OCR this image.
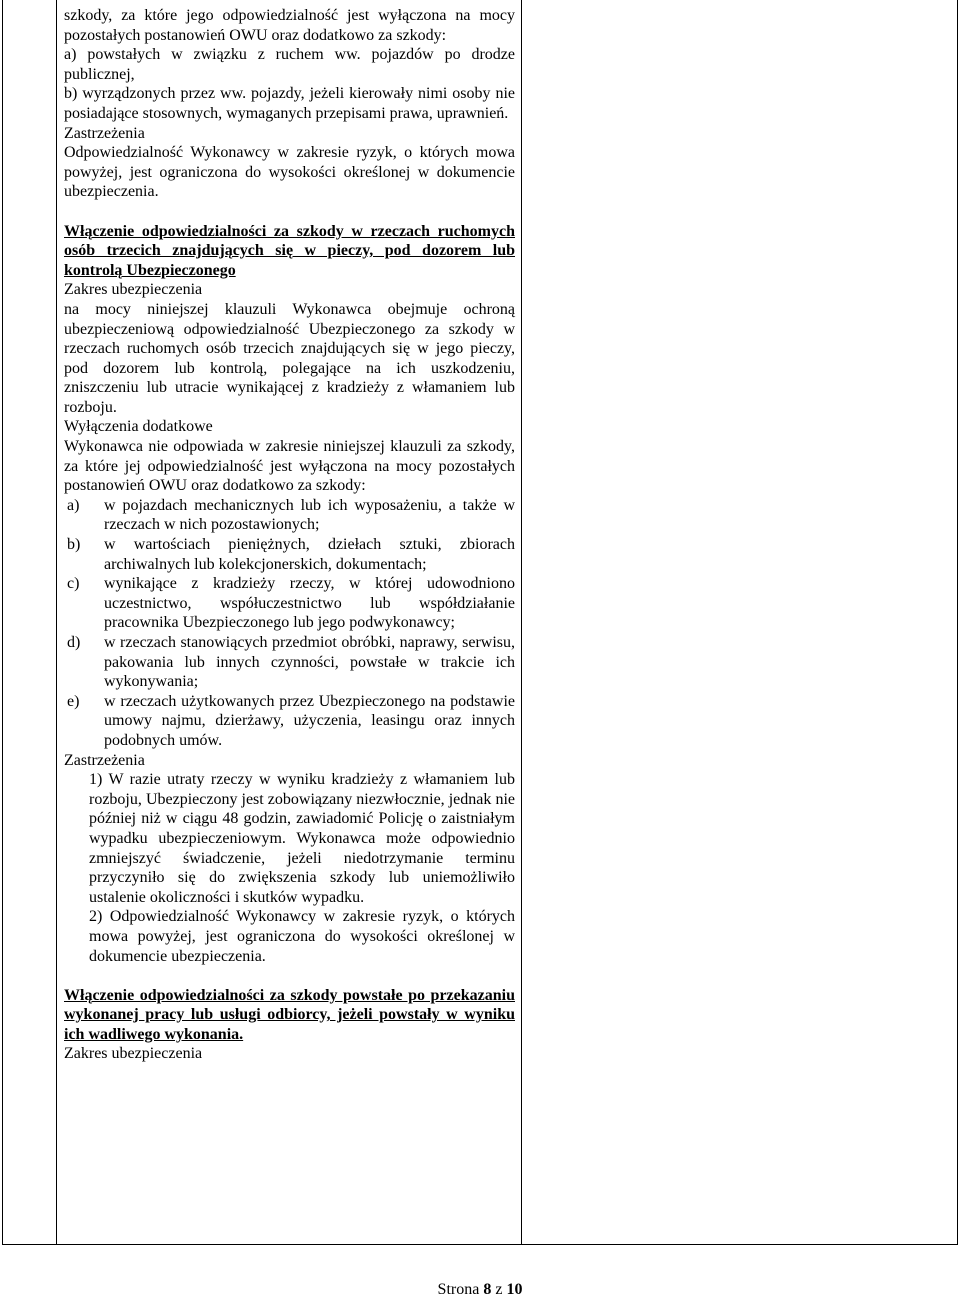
szkody, za które jego odpowiedzialność jest wyłączona na mocy pozostałych postanowień OWU oraz dodatkowo za szkody:

a) powstałych w związku z ruchem ww. pojazdów po drodze publicznej,

b) wyrządzonych przez ww. pojazdy, jeżeli kierowały nimi osoby nie posiadające stosownych, wymaganych przepisami prawa, uprawnień.

Zastrzeżenia

Odpowiedzialność Wykonawcy w zakresie ryzyk, o których mowa powyżej, jest ograniczona do wysokości określonej w dokumencie ubezpieczenia.

Włączenie odpowiedzialności za szkody w rzeczach ruchomych osób trzecich znajdujących się w pieczy, pod dozorem lub kontrolą Ubezpieczonego

Zakres ubezpieczenia

na mocy niniejszej klauzuli Wykonawca obejmuje ochroną ubezpieczeniową odpowiedzialność Ubezpieczonego za szkody w rzeczach ruchomych osób trzecich znajdujących się w jego pieczy, pod dozorem lub kontrolą, polegające na ich uszkodzeniu, zniszczeniu lub utracie wynikającej z kradzieży z włamaniem lub rozboju.

Wyłączenia dodatkowe

Wykonawca nie odpowiada w zakresie niniejszej klauzuli za szkody, za które jej odpowiedzialność jest wyłączona na mocy pozostałych postanowień OWU oraz dodatkowo za szkody:

a) w pojazdach mechanicznych lub ich wyposażeniu, a także w rzeczach w nich pozostawionych;

b) w wartościach pieniężnych, dziełach sztuki, zbiorach archiwalnych lub kolekcjonerskich, dokumentach;

c) wynikające z kradzieży rzeczy, w której udowodniono uczestnictwo, współuczestnictwo lub współdziałanie pracownika Ubezpieczonego lub jego podwykonawcy;

d) w rzeczach stanowiących przedmiot obróbki, naprawy, serwisu, pakowania lub innych czynności, powstałe w trakcie ich wykonywania;

e) w rzeczach użytkowanych przez Ubezpieczonego na podstawie umowy najmu, dzierżawy, użyczenia, leasingu oraz innych podobnych umów.

Zastrzeżenia

1) W razie utraty rzeczy w wyniku kradzieży z włamaniem lub rozboju, Ubezpieczony jest zobowiązany niezwłocznie, jednak nie później niż w ciągu 48 godzin, zawiadomić Policję o zaistniałym wypadku ubezpieczeniowym. Wykonawca może odpowiednio zmniejszyć świadczenie, jeżeli niedotrzymanie terminu przyczyniło się do zwiększenia szkody lub uniemożliwiło ustalenie okoliczności i skutków wypadku.

2) Odpowiedzialność Wykonawcy w zakresie ryzyk, o których mowa powyżej, jest ograniczona do wysokości określonej w dokumencie ubezpieczenia.

Włączenie odpowiedzialności za szkody powstałe po przekazaniu wykonanej pracy lub usługi odbiorcy, jeżeli powstały w wyniku ich wadliwego wykonania.

Zakres ubezpieczenia

Strona 8 z 10
